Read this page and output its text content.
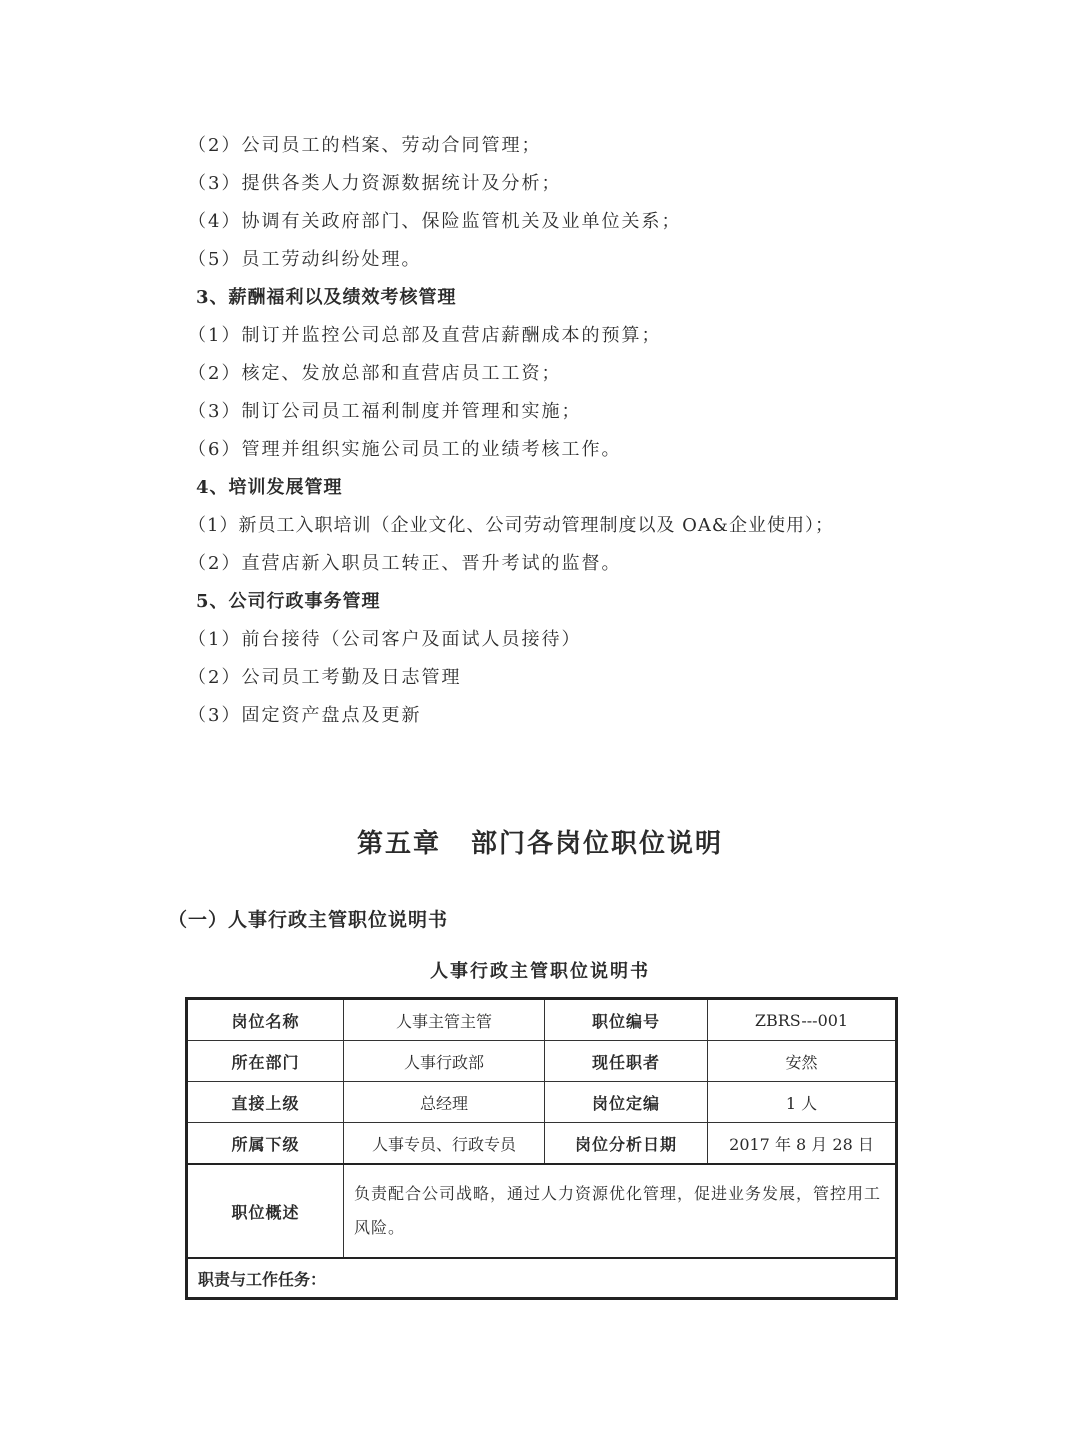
（2）公司员工的档案、劳动合同管理；
（3）提供各类人力资源数据统计及分析；
（4）协调有关政府部门、保险监管机关及业单位关系；
（5）员工劳动纠纷处理。
3、薪酬福利以及绩效考核管理
（1）制订并监控公司总部及直营店薪酬成本的预算；
（2）核定、发放总部和直营店员工工资；
（3）制订公司员工福利制度并管理和实施；
（6）管理并组织实施公司员工的业绩考核工作。
4、培训发展管理
（1）新员工入职培训（企业文化、公司劳动管理制度以及 OA&企业使用）；
（2）直营店新入职员工转正、晋升考试的监督。
5、公司行政事务管理
（1）前台接待（公司客户及面试人员接待）
（2）公司员工考勤及日志管理
（3）固定资产盘点及更新
第五章 部门各岗位职位说明
（一）人事行政主管职位说明书
人事行政主管职位说明书
岗位名称	人事主管主管	职位编号	ZBRS---001
所在部门	人事行政部	现任职者	安然
直接上级	总经理	岗位定编	1 人
所属下级	人事专员、行政专员	岗位分析日期	2017 年 8 月 28 日
职位概述	负责配合公司战略，通过人力资源优化管理，促进业务发展，管控用工风险。		
职责与工作任务：			
